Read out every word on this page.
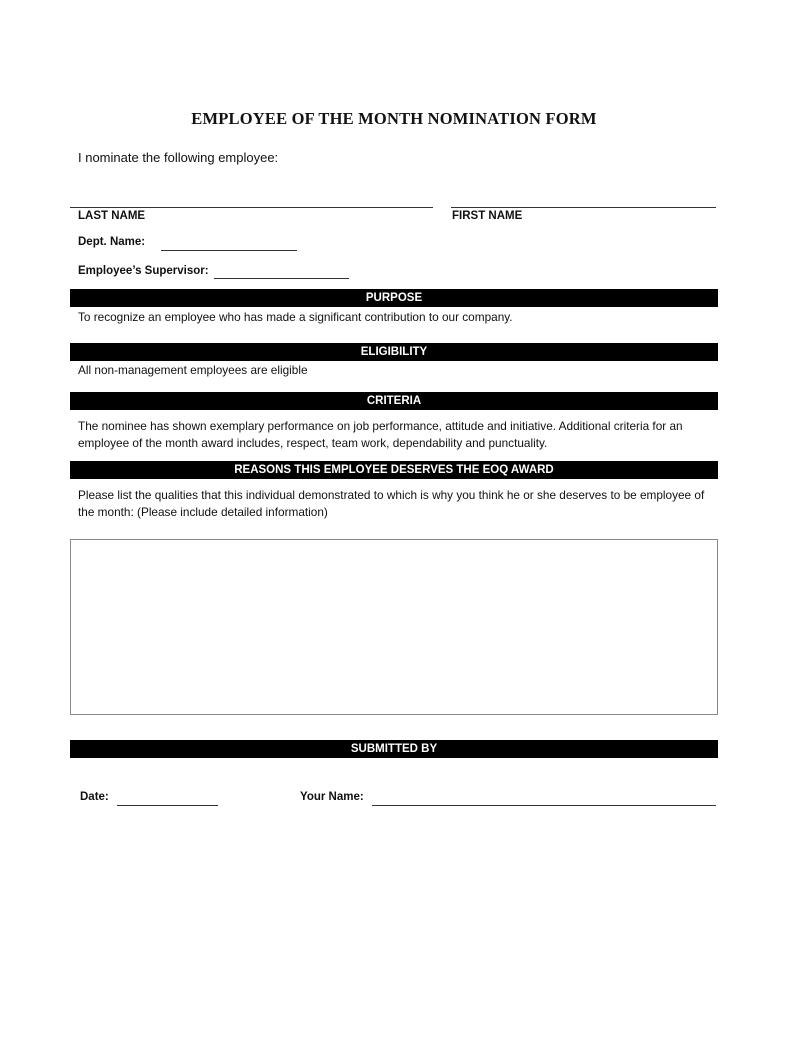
EMPLOYEE OF THE MONTH NOMINATION FORM
I nominate the following employee:
LAST NAME	FIRST NAME
Dept. Name:
Employee’s Supervisor:
PURPOSE
To recognize an employee who has made a significant contribution to our company.
ELIGIBILITY
All non-management employees are eligible
CRITERIA
The nominee has shown exemplary performance on job performance, attitude and initiative. Additional criteria for an employee of the month award includes, respect, team work, dependability and punctuality.
REASONS THIS EMPLOYEE DESERVES THE EOQ AWARD
Please list the qualities that this individual demonstrated to which is why you think he or she deserves to be employee of the month: (Please include detailed information)
SUBMITTED BY
Date:	Your Name:
